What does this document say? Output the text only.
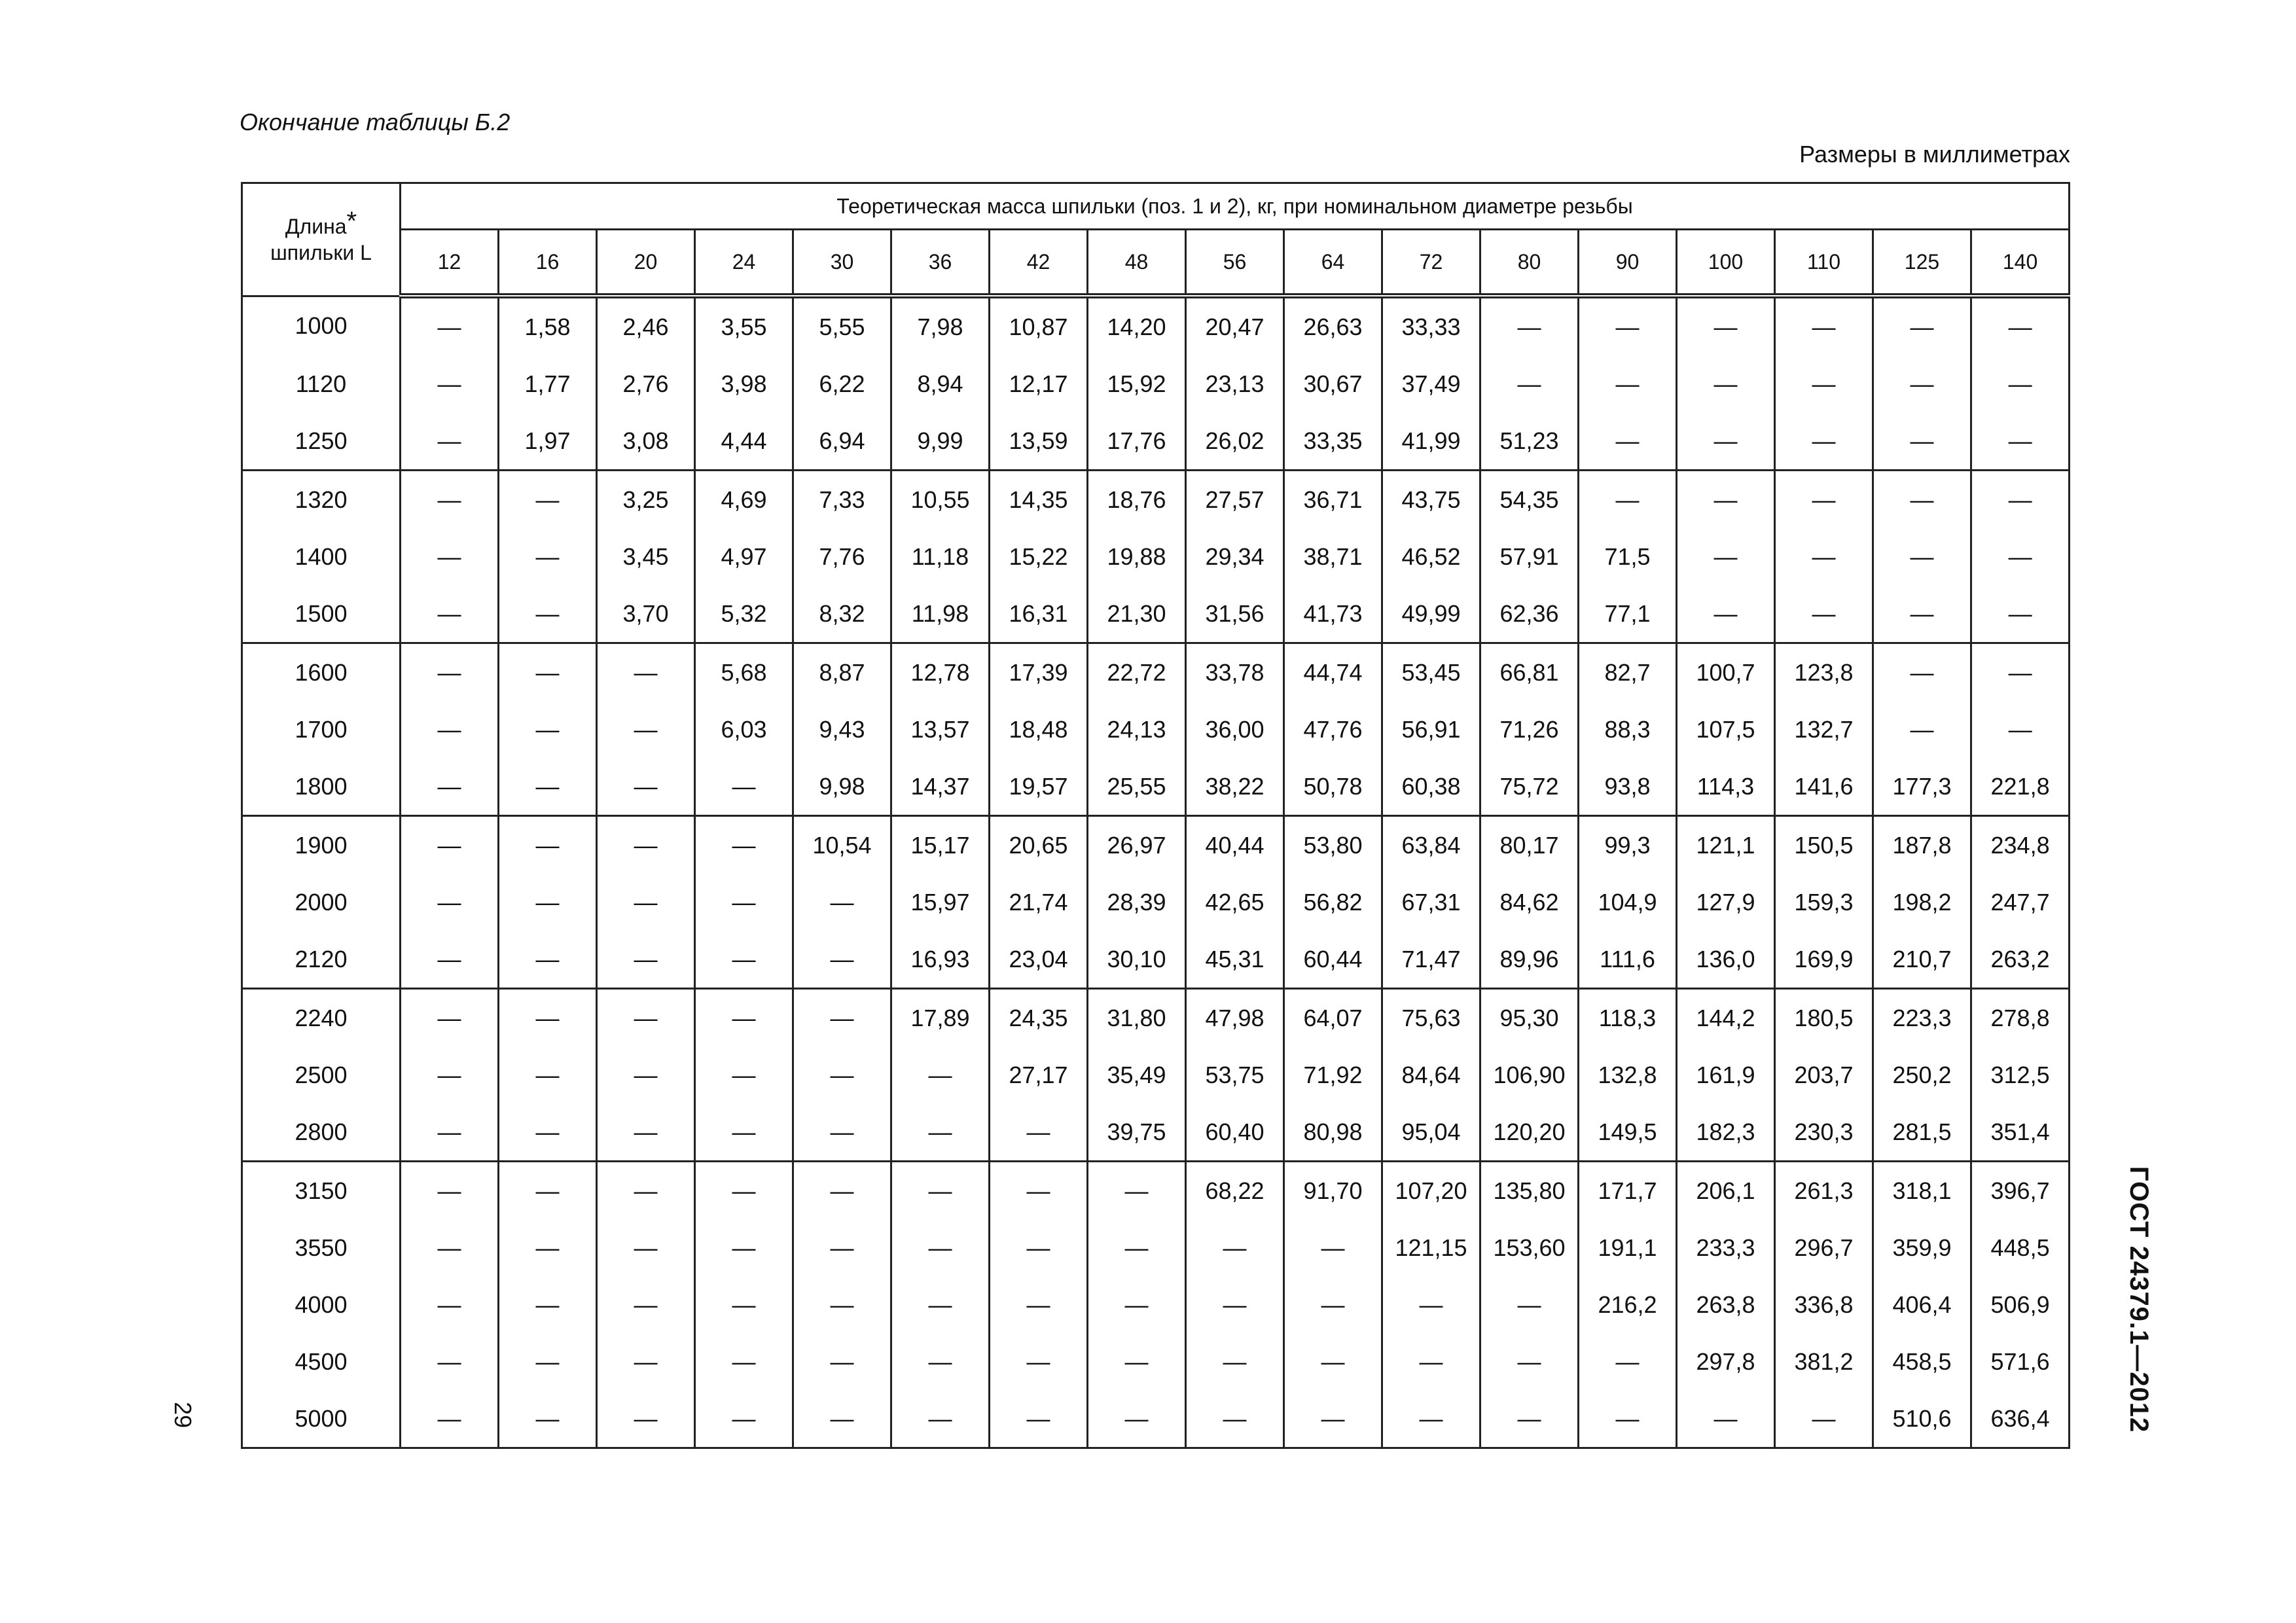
Окончание таблицы Б.2
Размеры в миллиметрах
Длина*
шпильки L	Теоретическая масса шпильки (поз. 1 и 2), кг, при номинальном диаметре резьбы																
	12	16	20	24	30	36	42	48	56	64	72	80	90	100	110	125	140
1000	—	1,58	2,46	3,55	5,55	7,98	10,87	14,20	20,47	26,63	33,33	—	—	—	—	—	—
1120	—	1,77	2,76	3,98	6,22	8,94	12,17	15,92	23,13	30,67	37,49	—	—	—	—	—	—
1250	—	1,97	3,08	4,44	6,94	9,99	13,59	17,76	26,02	33,35	41,99	51,23	—	—	—	—	—
1320	—	—	3,25	4,69	7,33	10,55	14,35	18,76	27,57	36,71	43,75	54,35	—	—	—	—	—
1400	—	—	3,45	4,97	7,76	11,18	15,22	19,88	29,34	38,71	46,52	57,91	71,5	—	—	—	—
1500	—	—	3,70	5,32	8,32	11,98	16,31	21,30	31,56	41,73	49,99	62,36	77,1	—	—	—	—
1600	—	—	—	5,68	8,87	12,78	17,39	22,72	33,78	44,74	53,45	66,81	82,7	100,7	123,8	—	—
1700	—	—	—	6,03	9,43	13,57	18,48	24,13	36,00	47,76	56,91	71,26	88,3	107,5	132,7	—	—
1800	—	—	—	—	9,98	14,37	19,57	25,55	38,22	50,78	60,38	75,72	93,8	114,3	141,6	177,3	221,8
1900	—	—	—	—	10,54	15,17	20,65	26,97	40,44	53,80	63,84	80,17	99,3	121,1	150,5	187,8	234,8
2000	—	—	—	—	—	15,97	21,74	28,39	42,65	56,82	67,31	84,62	104,9	127,9	159,3	198,2	247,7
2120	—	—	—	—	—	16,93	23,04	30,10	45,31	60,44	71,47	89,96	111,6	136,0	169,9	210,7	263,2
2240	—	—	—	—	—	17,89	24,35	31,80	47,98	64,07	75,63	95,30	118,3	144,2	180,5	223,3	278,8
2500	—	—	—	—	—	—	27,17	35,49	53,75	71,92	84,64	106,90	132,8	161,9	203,7	250,2	312,5
2800	—	—	—	—	—	—	—	39,75	60,40	80,98	95,04	120,20	149,5	182,3	230,3	281,5	351,4
3150	—	—	—	—	—	—	—	—	68,22	91,70	107,20	135,80	171,7	206,1	261,3	318,1	396,7
3550	—	—	—	—	—	—	—	—	—	—	121,15	153,60	191,1	233,3	296,7	359,9	448,5
4000	—	—	—	—	—	—	—	—	—	—	—	—	216,2	263,8	336,8	406,4	506,9
4500	—	—	—	—	—	—	—	—	—	—	—	—	—	297,8	381,2	458,5	571,6
5000	—	—	—	—	—	—	—	—	—	—	—	—	—	—	—	510,6	636,4
29	ГОСТ 24379.1—2012
